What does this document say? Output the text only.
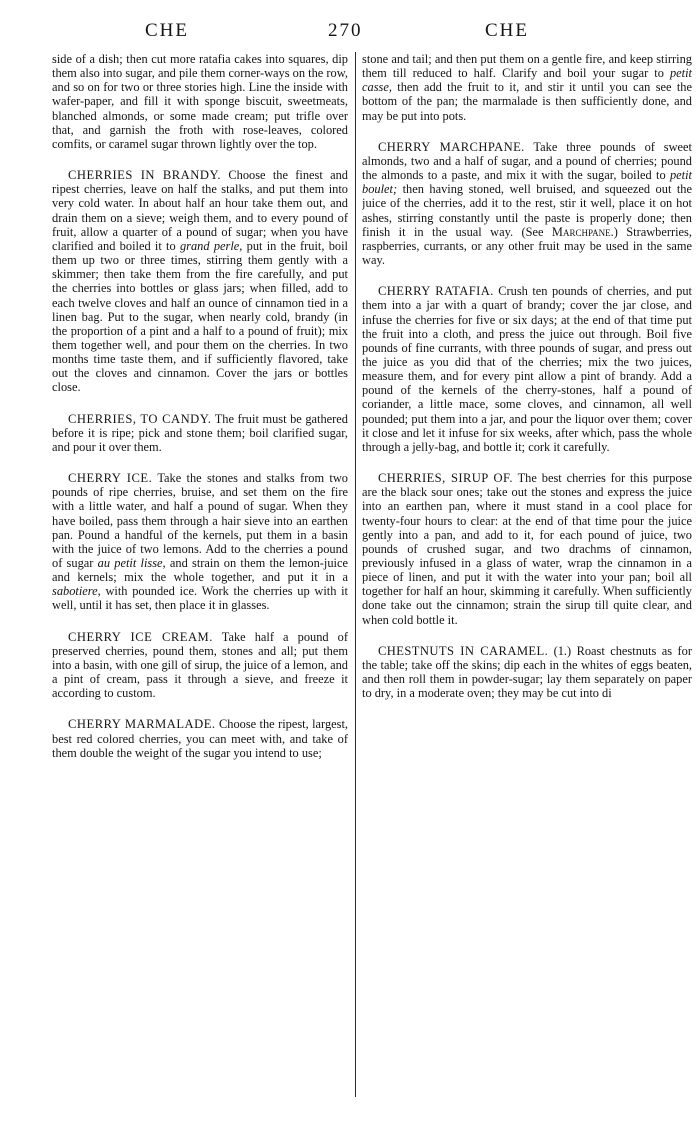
CHE	270	CHE

side of a dish; then cut more ratafia cakes into squares, dip them also into sugar, and pile them corner-ways on the row, and so on for two or three stories high. Line the inside with wafer-paper, and fill it with sponge biscuit, sweetmeats, blanched almonds, or some made cream; put trifle over that, and garnish the froth with rose-leaves, colored comfits, or caramel sugar thrown lightly over the top.

CHERRIES IN BRANDY. Choose the finest and ripest cherries, leave on half the stalks, and put them into very cold water. In about half an hour take them out, and drain them on a sieve; weigh them, and to every pound of fruit, allow a quarter of a pound of sugar; when you have clarified and boiled it to grand perle, put in the fruit, boil them up two or three times, stirring them gently with a skimmer; then take them from the fire carefully, and put the cherries into bottles or glass jars; when filled, add to each twelve cloves and half an ounce of cinnamon tied in a linen bag. Put to the sugar, when nearly cold, brandy (in the proportion of a pint and a half to a pound of fruit); mix them together well, and pour them on the cherries. In two months time taste them, and if sufficiently flavored, take out the cloves and cinnamon. Cover the jars or bottles close.

CHERRIES, TO CANDY. The fruit must be gathered before it is ripe; pick and stone them; boil clarified sugar, and pour it over them.

CHERRY ICE. Take the stones and stalks from two pounds of ripe cherries, bruise, and set them on the fire with a little water, and half a pound of sugar. When they have boiled, pass them through a hair sieve into an earthen pan. Pound a handful of the kernels, put them in a basin with the juice of two lemons. Add to the cherries a pound of sugar au petit lisse, and strain on them the lemon-juice and kernels; mix the whole together, and put it in a sabotiere, with pounded ice. Work the cherries up with it well, until it has set, then place it in glasses.

CHERRY ICE CREAM. Take half a pound of preserved cherries, pound them, stones and all; put them into a basin, with one gill of sirup, the juice of a lemon, and a pint of cream, pass it through a sieve, and freeze it according to custom.

CHERRY MARMALADE. Choose the ripest, largest, best red colored cherries, you can meet with, and take of them double the weight of the sugar you intend to use;

stone and tail; and then put them on a gentle fire, and keep stirring them till reduced to half. Clarify and boil your sugar to petit casse, then add the fruit to it, and stir it until you can see the bottom of the pan; the marmalade is then sufficiently done, and may be put into pots.

CHERRY MARCHPANE. Take three pounds of sweet almonds, two and a half of sugar, and a pound of cherries; pound the almonds to a paste, and mix it with the sugar, boiled to petit boulet; then having stoned, well bruised, and squeezed out the juice of the cherries, add it to the rest, stir it well, place it on hot ashes, stirring constantly until the paste is properly done; then finish it in the usual way. (See Marchpane.) Strawberries, raspberries, currants, or any other fruit may be used in the same way.

CHERRY RATAFIA. Crush ten pounds of cherries, and put them into a jar with a quart of brandy; cover the jar close, and infuse the cherries for five or six days; at the end of that time put the fruit into a cloth, and press the juice out through. Boil five pounds of fine currants, with three pounds of sugar, and press out the juice as you did that of the cherries; mix the two juices, measure them, and for every pint allow a pint of brandy. Add a pound of the kernels of the cherry-stones, half a pound of coriander, a little mace, some cloves, and cinnamon, all well pounded; put them into a jar, and pour the liquor over them; cover it close and let it infuse for six weeks, after which, pass the whole through a jelly-bag, and bottle it; cork it carefully.

CHERRIES, SIRUP OF. The best cherries for this purpose are the black sour ones; take out the stones and express the juice into an earthen pan, where it must stand in a cool place for twenty-four hours to clear: at the end of that time pour the juice gently into a pan, and add to it, for each pound of juice, two pounds of crushed sugar, and two drachms of cinnamon, previously infused in a glass of water, wrap the cinnamon in a piece of linen, and put it with the water into your pan; boil all together for half an hour, skimming it carefully. When sufficiently done take out the cinnamon; strain the sirup till quite clear, and when cold bottle it.

CHESTNUTS IN CARAMEL. (1.) Roast chestnuts as for the table; take off the skins; dip each in the whites of eggs beaten, and then roll them in powder-sugar; lay them separately on paper to dry, in a moderate oven; they may be cut into di
